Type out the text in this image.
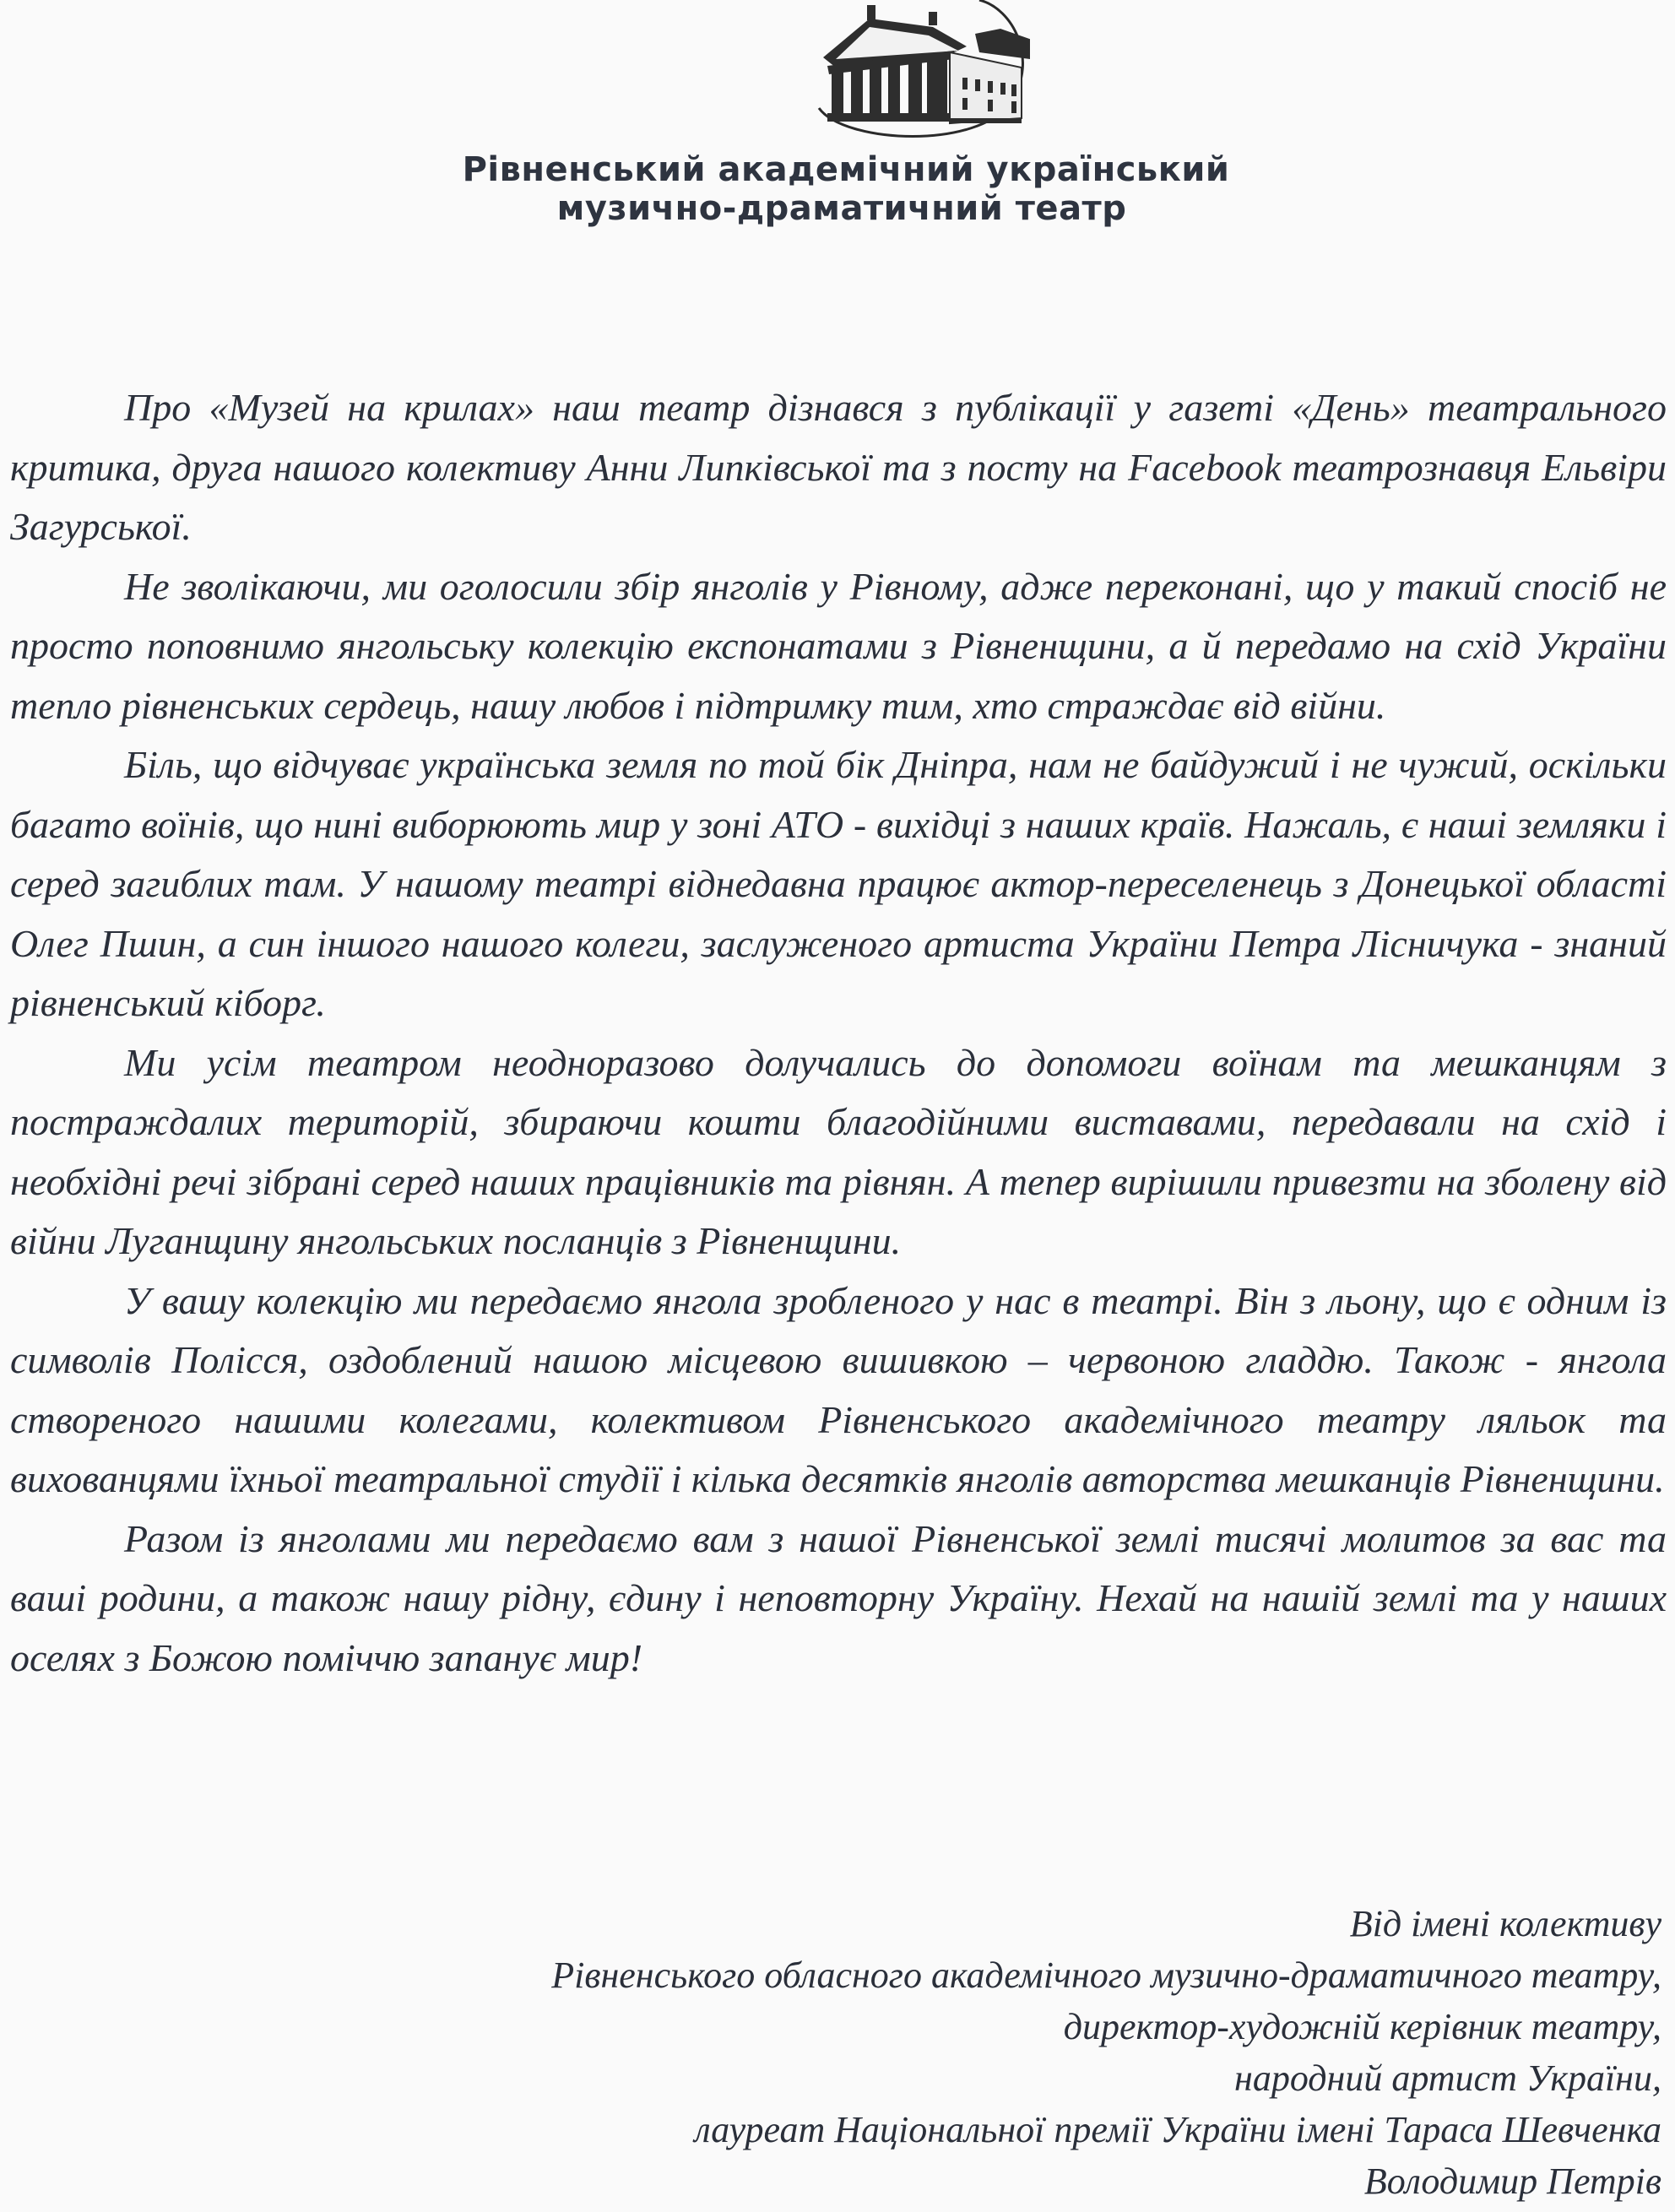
Рівненський академічний український
музично-драматичний театр

Про «Музей на крилах» наш театр дізнався з публікації у газеті «День» театрального критика, друга нашого колективу Анни Липківської та з посту на Facebook театрознавця Ельвіри Загурської.

Не зволікаючи, ми оголосили збір янголів у Рівному, адже переконані, що у такий спосіб не просто поповнимо янгольську колекцію експонатами з Рівненщини, а й передамо на схід України тепло рівненських сердець, нашу любов і підтримку тим, хто страждає від війни.

Біль, що відчуває українська земля по той бік Дніпра, нам не байдужий і не чужий, оскільки багато воїнів, що нині виборюють мир у зоні АТО - вихідці з наших країв. Нажаль, є наші земляки і серед загиблих там. У нашому театрі віднедавна працює актор-переселенець з Донецької області Олег Пшин, а син іншого нашого колеги, заслуженого артиста України Петра Лісничука - знаний рівненський кіборг.

Ми усім театром неодноразово долучались до допомоги воїнам та мешканцям з постраждалих територій, збираючи кошти благодійними виставами, передавали на схід і необхідні речі зібрані серед наших працівників та рівнян. А тепер вирішили привезти на зболену від війни Луганщину янгольських посланців з Рівненщини.

У вашу колекцію ми передаємо янгола зробленого у нас в театрі. Він з льону, що є одним із символів Полісся, оздоблений нашою місцевою вишивкою – червоною гладдю. Також - янгола створеного нашими колегами, колективом Рівненського академічного театру ляльок та вихованцями їхньої театральної студії і кілька десятків янголів авторства мешканців Рівненщини.

Разом із янголами ми передаємо вам з нашої Рівненської землі тисячі молитов за вас та ваші родини, а також нашу рідну, єдину і неповторну Україну. Нехай на нашій землі та у наших оселях з Божою поміччю запанує мир!

Від імені колективу
Рівненського обласного академічного музично-драматичного театру,
директор-художній керівник театру,
народний артист України,
лауреат Національної премії України імені Тараса Шевченка
Володимир Петрів
